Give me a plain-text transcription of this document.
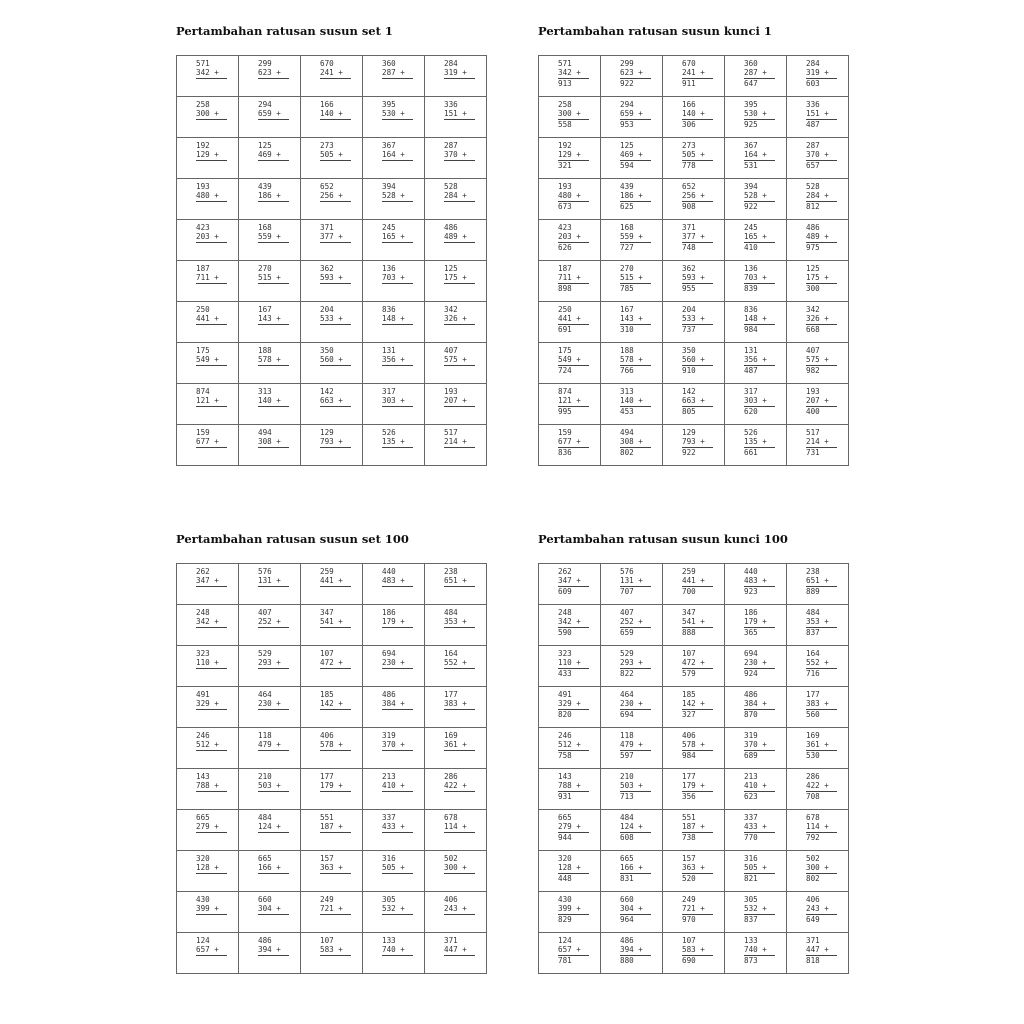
Pertambahan ratusan susun set 1
571
342 +
299
623 +
670
241 +
360
287 +
284
319 +
258
300 +
294
659 +
166
140 +
395
530 +
336
151 +
192
129 +
125
469 +
273
505 +
367
164 +
287
370 +
193
480 +
439
186 +
652
256 +
394
528 +
528
284 +
423
203 +
168
559 +
371
377 +
245
165 +
486
489 +
187
711 +
270
515 +
362
593 +
136
703 +
125
175 +
250
441 +
167
143 +
204
533 +
836
148 +
342
326 +
175
549 +
188
578 +
350
560 +
131
356 +
407
575 +
874
121 +
313
140 +
142
663 +
317
303 +
193
207 +
159
677 +
494
308 +
129
793 +
526
135 +
517
214 +
Pertambahan ratusan susun kunci 1
571
342 +
913
299
623 +
922
670
241 +
911
360
287 +
647
284
319 +
603
258
300 +
558
294
659 +
953
166
140 +
306
395
530 +
925
336
151 +
487
192
129 +
321
125
469 +
594
273
505 +
778
367
164 +
531
287
370 +
657
193
480 +
673
439
186 +
625
652
256 +
908
394
528 +
922
528
284 +
812
423
203 +
626
168
559 +
727
371
377 +
748
245
165 +
410
486
489 +
975
187
711 +
898
270
515 +
785
362
593 +
955
136
703 +
839
125
175 +
300
250
441 +
691
167
143 +
310
204
533 +
737
836
148 +
984
342
326 +
668
175
549 +
724
188
578 +
766
350
560 +
910
131
356 +
487
407
575 +
982
874
121 +
995
313
140 +
453
142
663 +
805
317
303 +
620
193
207 +
400
159
677 +
836
494
308 +
802
129
793 +
922
526
135 +
661
517
214 +
731
Pertambahan ratusan susun set 100
262
347 +
576
131 +
259
441 +
440
483 +
238
651 +
248
342 +
407
252 +
347
541 +
186
179 +
484
353 +
323
110 +
529
293 +
107
472 +
694
230 +
164
552 +
491
329 +
464
230 +
185
142 +
486
384 +
177
383 +
246
512 +
118
479 +
406
578 +
319
370 +
169
361 +
143
788 +
210
503 +
177
179 +
213
410 +
286
422 +
665
279 +
484
124 +
551
187 +
337
433 +
678
114 +
320
128 +
665
166 +
157
363 +
316
505 +
502
300 +
430
399 +
660
304 +
249
721 +
305
532 +
406
243 +
124
657 +
486
394 +
107
583 +
133
740 +
371
447 +
Pertambahan ratusan susun kunci 100
262
347 +
609
576
131 +
707
259
441 +
700
440
483 +
923
238
651 +
889
248
342 +
590
407
252 +
659
347
541 +
888
186
179 +
365
484
353 +
837
323
110 +
433
529
293 +
822
107
472 +
579
694
230 +
924
164
552 +
716
491
329 +
820
464
230 +
694
185
142 +
327
486
384 +
870
177
383 +
560
246
512 +
758
118
479 +
597
406
578 +
984
319
370 +
689
169
361 +
530
143
788 +
931
210
503 +
713
177
179 +
356
213
410 +
623
286
422 +
708
665
279 +
944
484
124 +
608
551
187 +
738
337
433 +
770
678
114 +
792
320
128 +
448
665
166 +
831
157
363 +
520
316
505 +
821
502
300 +
802
430
399 +
829
660
304 +
964
249
721 +
970
305
532 +
837
406
243 +
649
124
657 +
781
486
394 +
880
107
583 +
690
133
740 +
873
371
447 +
818
